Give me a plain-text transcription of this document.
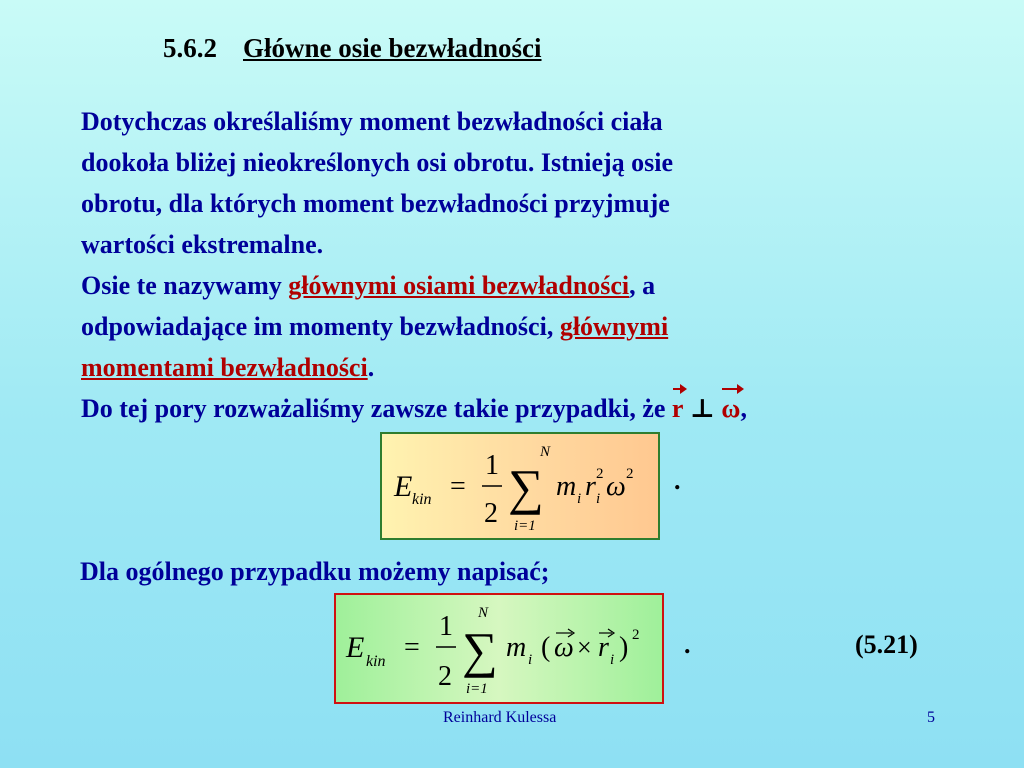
5.6.2 Główne osie bezwładności
Dotychczas określaliśmy moment bezwładności ciała
dookoła bliżej nieokreślonych osi obrotu. Istnieją osie
obrotu, dla których moment bezwładności przyjmuje
wartości ekstremalne.
Osie te nazywamy głównymi osiami bezwładności, a
odpowiadające im momenty bezwładności, głównymi
momentami bezwładności.
Do tej pory rozważaliśmy zawsze takie przypadki, że r ⊥ ω,
E kin =
1
2
N
∑
i=1
m i r 2
i ω 2 .
Dla ogólnego przypadku możemy napisać;
E kin =
1
2
N
∑
i=1
m i ( ω × r i ) 2 .	(5.21)
Reinhard Kulessa	5
